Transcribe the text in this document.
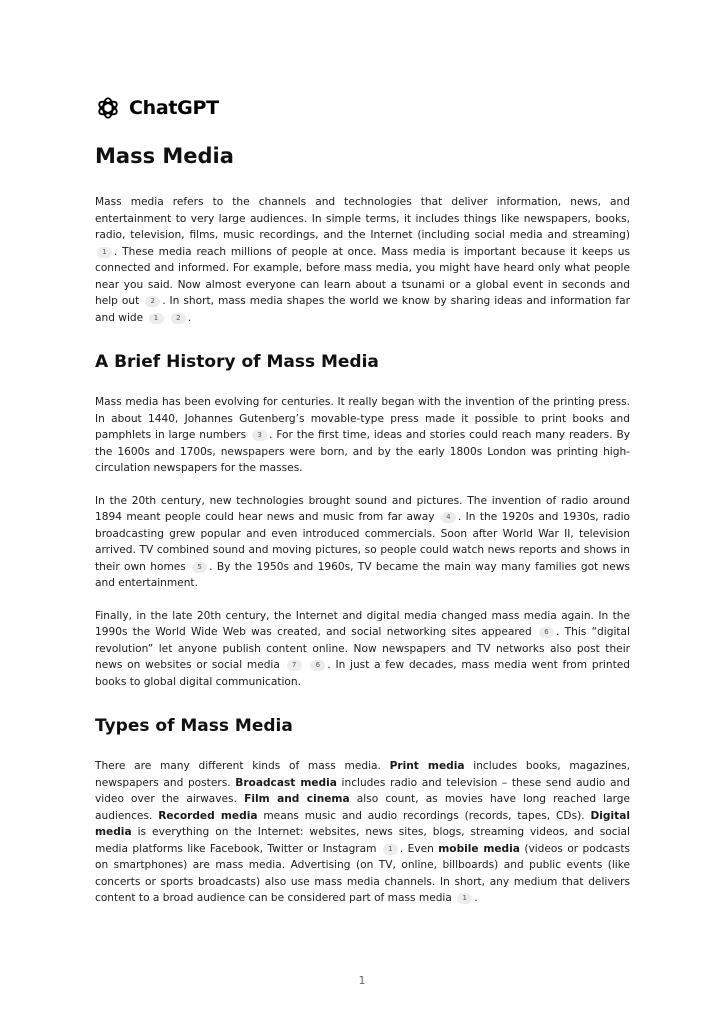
ChatGPT
Mass Media

Mass media refers to the channels and technologies that deliver information, news, and entertainment to very large audiences. In simple terms, it includes things like newspapers, books, radio, television, films, music recordings, and the Internet (including social media and streaming) 1 . These media reach millions of people at once. Mass media is important because it keeps us connected and informed. For example, before mass media, you might have heard only what people near you said. Now almost everyone can learn about a tsunami or a global event in seconds and help out 2 . In short, mass media shapes the world we know by sharing ideas and information far and wide 1	2 .

A Brief History of Mass Media

Mass media has been evolving for centuries. It really began with the invention of the printing press. In about 1440, Johannes Gutenberg’s movable-type press made it possible to print books and pamphlets in large numbers 3 . For the first time, ideas and stories could reach many readers. By the 1600s and 1700s, newspapers were born, and by the early 1800s London was printing high-circulation newspapers for the masses.

In the 20th century, new technologies brought sound and pictures. The invention of radio around 1894 meant people could hear news and music from far away 4 . In the 1920s and 1930s, radio broadcasting grew popular and even introduced commercials. Soon after World War II, television arrived. TV combined sound and moving pictures, so people could watch news reports and shows in their own homes 5 . By the 1950s and 1960s, TV became the main way many families got news and entertainment.

Finally, in the late 20th century, the Internet and digital media changed mass media again. In the 1990s the World Wide Web was created, and social networking sites appeared 6 . This “digital revolution” let anyone publish content online. Now newspapers and TV networks also post their news on websites or social media 7	6 . In just a few decades, mass media went from printed books to global digital communication.

Types of Mass Media

There are many different kinds of mass media. Print media includes books, magazines, newspapers and posters. Broadcast media includes radio and television – these send audio and video over the airwaves. Film and cinema also count, as movies have long reached large audiences. Recorded media means music and audio recordings (records, tapes, CDs). Digital media is everything on the Internet: websites, news sites, blogs, streaming videos, and social media platforms like Facebook, Twitter or Instagram 1 . Even mobile media (videos or podcasts on smartphones) are mass media. Advertising (on TV, online, billboards) and public events (like concerts or sports broadcasts) also use mass media channels. In short, any medium that delivers content to a broad audience can be considered part of mass media 1 .

1
